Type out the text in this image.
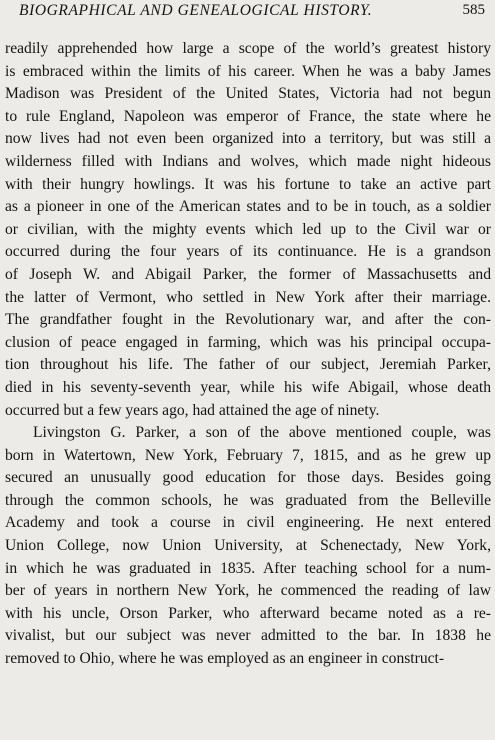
BIOGRAPHICAL AND GENEALOGICAL HISTORY.	585
readily apprehended how large a scope of the world’s greatest history
is embraced within the limits of his career. When he was a baby James
Madison was President of the United States, Victoria had not begun
to rule England, Napoleon was emperor of France, the state where he
now lives had not even been organized into a territory, but was still a
wilderness filled with Indians and wolves, which made night hideous
with their hungry howlings. It was his fortune to take an active part
as a pioneer in one of the American states and to be in touch, as a soldier
or civilian, with the mighty events which led up to the Civil war or
occurred during the four years of its continuance. He is a grandson
of Joseph W. and Abigail Parker, the former of Massachusetts and
the latter of Vermont, who settled in New York after their marriage.
The grandfather fought in the Revolutionary war, and after the con-
clusion of peace engaged in farming, which was his principal occupa-
tion throughout his life. The father of our subject, Jeremiah Parker,
died in his seventy-seventh year, while his wife Abigail, whose death
occurred but a few years ago, had attained the age of ninety.
Livingston G. Parker, a son of the above mentioned couple, was
born in Watertown, New York, February 7, 1815, and as he grew up
secured an unusually good education for those days. Besides going
through the common schools, he was graduated from the Belleville
Academy and took a course in civil engineering. He next entered
Union College, now Union University, at Schenectady, New York,
in which he was graduated in 1835. After teaching school for a num-
ber of years in northern New York, he commenced the reading of law
with his uncle, Orson Parker, who afterward became noted as a re-
vivalist, but our subject was never admitted to the bar. In 1838 he
removed to Ohio, where he was employed as an engineer in construct-
